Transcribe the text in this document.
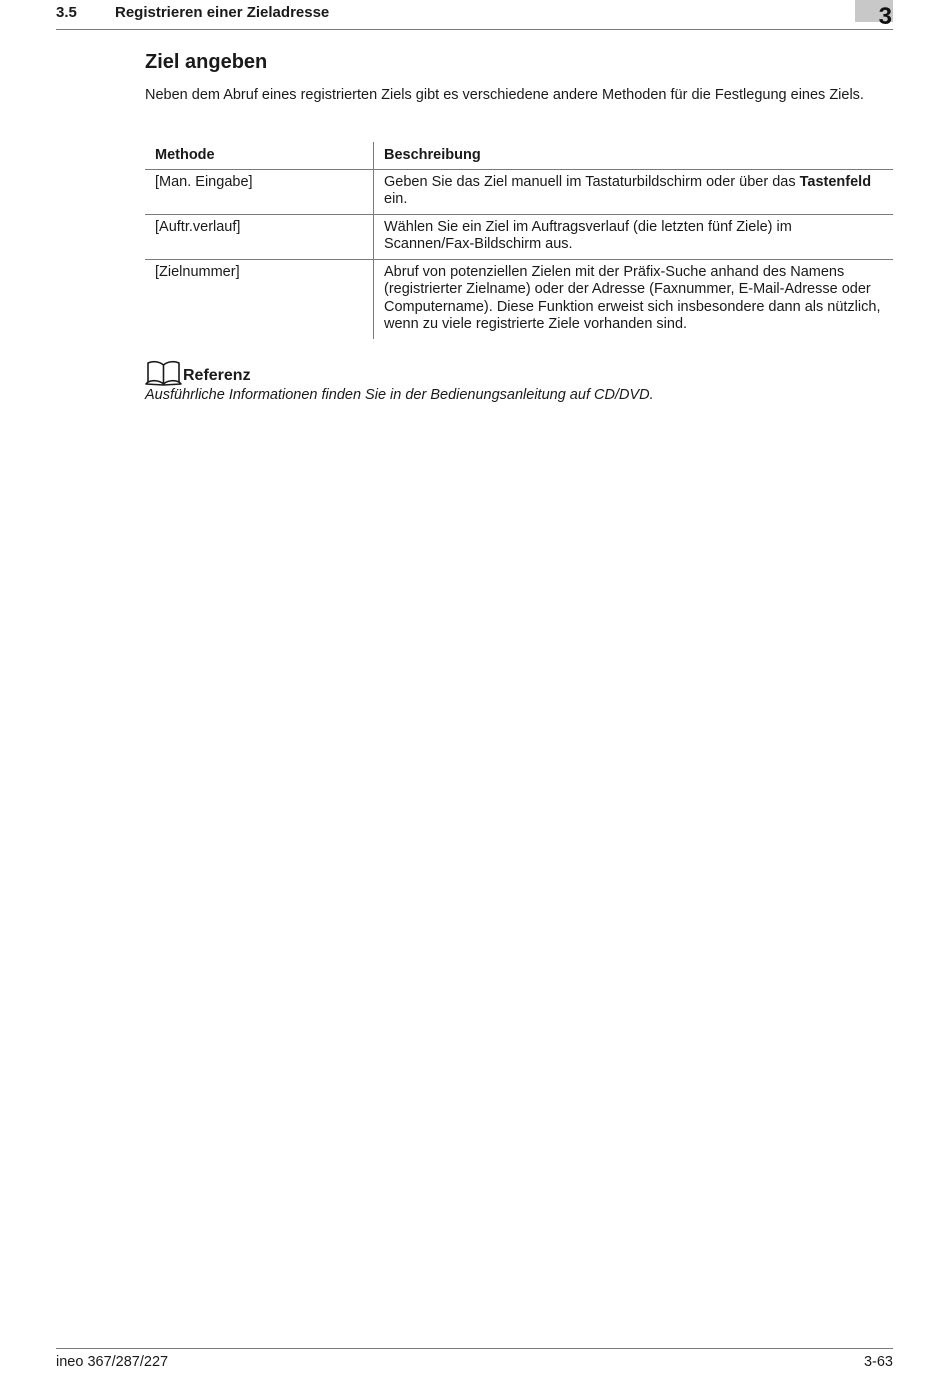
3.5	Registrieren einer Zieladresse	3
Ziel angeben

Neben dem Abruf eines registrierten Ziels gibt es verschiedene andere Methoden für die Festlegung eines Ziels.

Methode	Beschreibung
[Man. Eingabe]	Geben Sie das Ziel manuell im Tastaturbildschirm oder über das Tastenfeld ein.
[Auftr.verlauf]	Wählen Sie ein Ziel im Auftragsverlauf (die letzten fünf Ziele) im Scannen/Fax-Bildschirm aus.
[Zielnummer]	Abruf von potenziellen Zielen mit der Präfix-Suche anhand des Namens (registrierter Zielname) oder der Adresse (Faxnummer, E-Mail-Adresse oder Computername). Diese Funktion erweist sich insbesondere dann als nützlich, wenn zu viele registrierte Ziele vorhanden sind.
Referenz

Ausführliche Informationen finden Sie in der Bedienungsanleitung auf CD/DVD.

ineo 367/287/227	3-63
